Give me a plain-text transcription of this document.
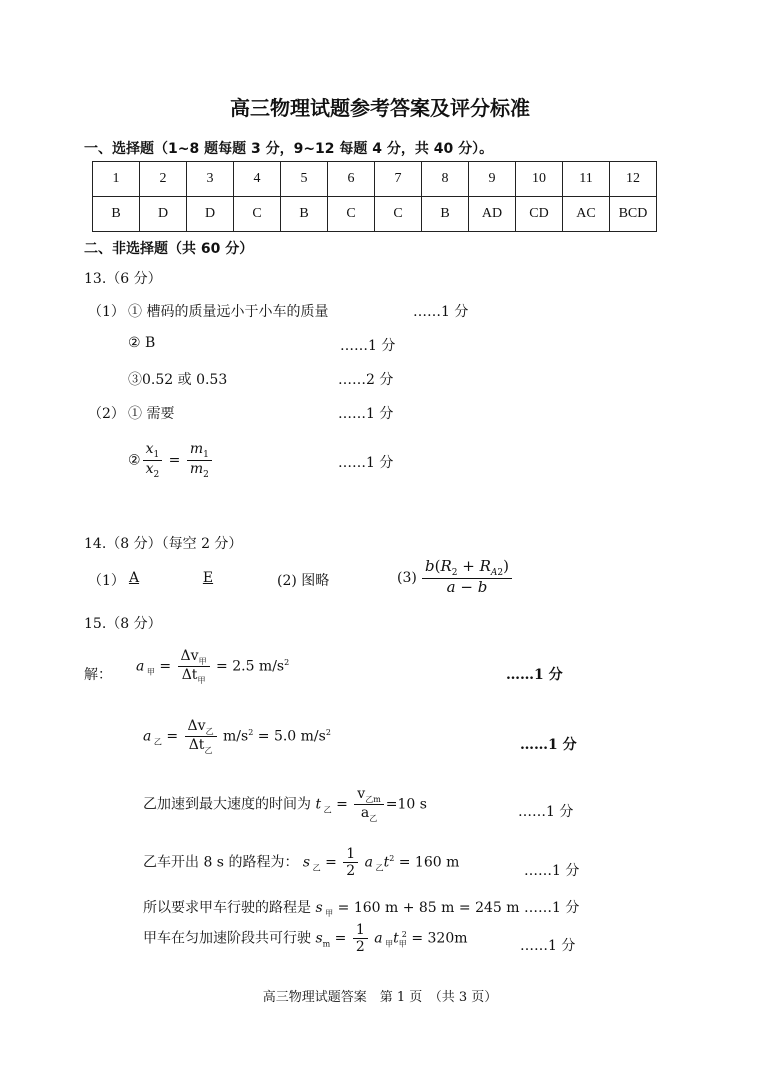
高三物理试题参考答案及评分标准
一、选择题（1~8 题每题 3 分，9~12 每题 4 分，共 40 分）。
1	2	3	4	5	6	7	8	9	10	11	12
B	D	D	C	B	C	C	B	AD	CD	AC	BCD
二、非选择题（共 60 分）
13.（6 分）
（1） ① 槽码的质量远小于小车的质量	……1 分
② B	……1 分
③0.52 或 0.53	……2 分
（2） ① 需要	……1 分
② $\frac{x_1}{x_2} = \frac{m_1}{m_2}$	……1 分
14.（8 分）（每空 2 分）
（1） A	E	(2) 图略	$(3) \frac{b(R_2 + R_{A2})}{a - b}$
15.（8 分）
解：
a $_甲 = \frac{\Delta v_甲}{\Delta t_甲} = 2.5$ $m/s^2$
……1 分
a $_乙 = \frac{\Delta v_乙}{\Delta t_乙} m/s^2 = 5.0$ $m/s^2$
……1 分
乙加速到最大速度的时间为 t $_乙 = \frac{v_{乙m}}{a_乙} =10$ s	……1 分
乙车开出 8 s 的路程为： s $_乙 = \frac{1}{2}$ a $_乙t^2 = 160$ m
……1 分
所以要求甲车行驶的路程是 s $_甲$ = 160 m + 85 m = 245 m ……1 分
甲车在匀加速阶段共可行驶 $s_m = \frac{1}{2}$ a $_甲t_甲^2 = 320m$	……1 分
高三物理试题答案　第 1 页　（共 3 页）
